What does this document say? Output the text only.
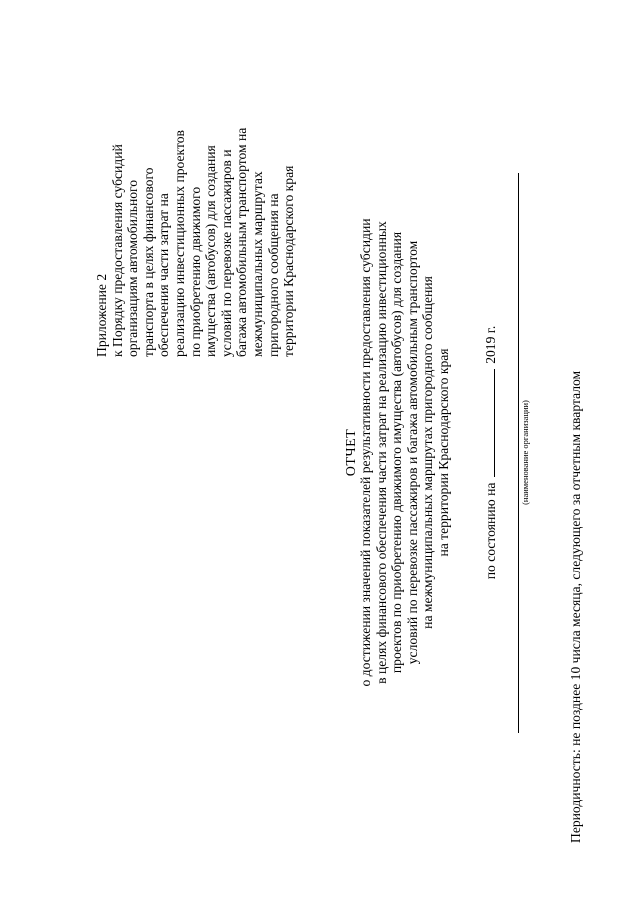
Приложение 2
к Порядку предоставления субсидий
организациям автомобильного
транспорта в целях финансового
обеспечения части затрат на
реализацию инвестиционных проектов
по приобретению движимого
имущества (автобусов) для создания
условий по перевозке пассажиров и
багажа автомобильным транспортом на
межмуниципальных маршрутах
пригородного сообщения на
территории Краснодарского края
ОТЧЕТ
о достижении значений показателей результативности предоставления субсидии
в целях финансового обеспечения части затрат на реализацию инвестиционных
проектов по приобретению движимого имущества (автобусов) для создания
условий по перевозке пассажиров и багажа автомобильным транспортом
на межмуниципальных маршрутах пригородного сообщения
на территории Краснодарского края
по состоянию на  2019 г.
(наименование организации)	Периодичность: не позднее 10 числа месяца, следующего за отчетным кварталом
